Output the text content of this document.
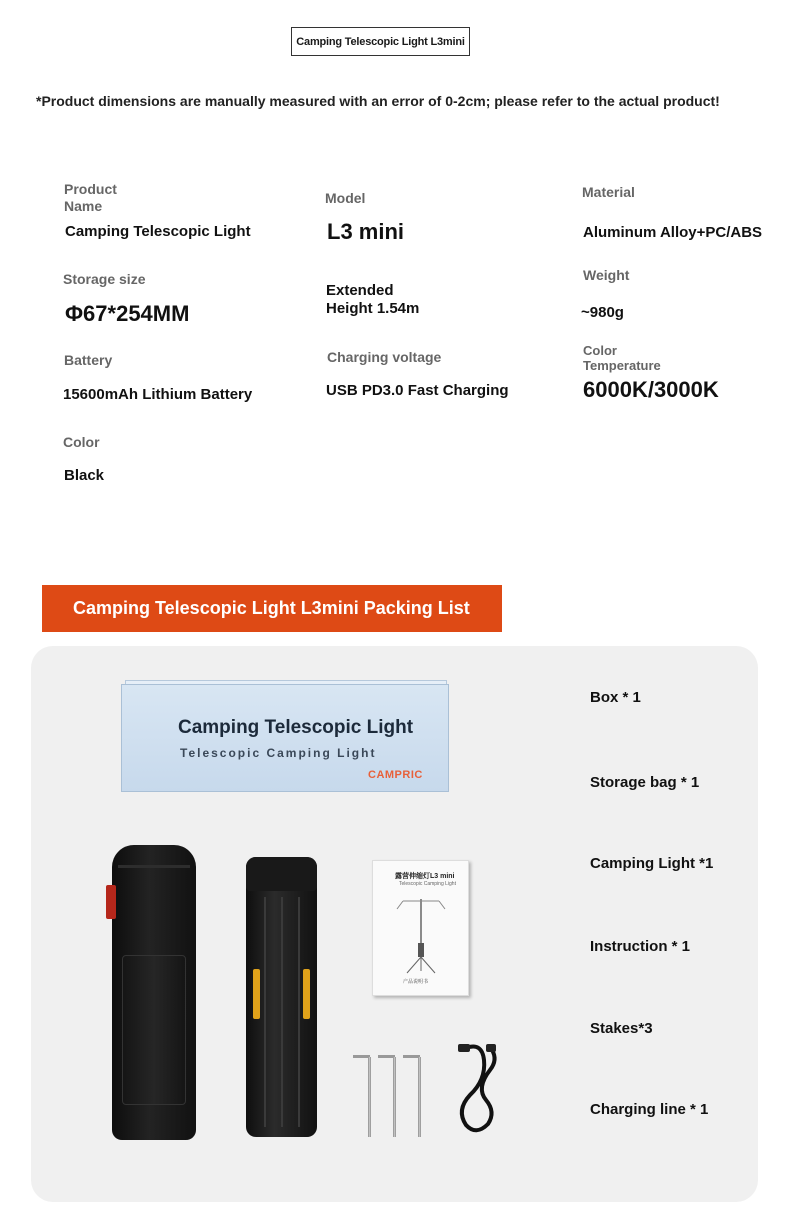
Camping Telescopic Light L3mini
*Product dimensions are manually measured with an error of 0-2cm; please refer to the actual product!
Product Name
Camping Telescopic Light
Storage size
Φ67*254MM
Battery
15600mAh Lithium Battery
Color
Black
Model
L3 mini
Extended Height 1.54m
Charging voltage
USB PD3.0 Fast Charging
Material
Aluminum Alloy+PC/ABS
Weight
~980g
Color Temperature
6000K/3000K
Camping Telescopic Light L3mini Packing List
Camping Telescopic Light
Telescopic Camping Light
CAMPRIC
露营伸缩灯L3 mini
Telescopic Camping Light
产品说明书
Box * 1
Storage bag * 1
Camping Light *1
Instruction * 1
Stakes*3
Charging line * 1
